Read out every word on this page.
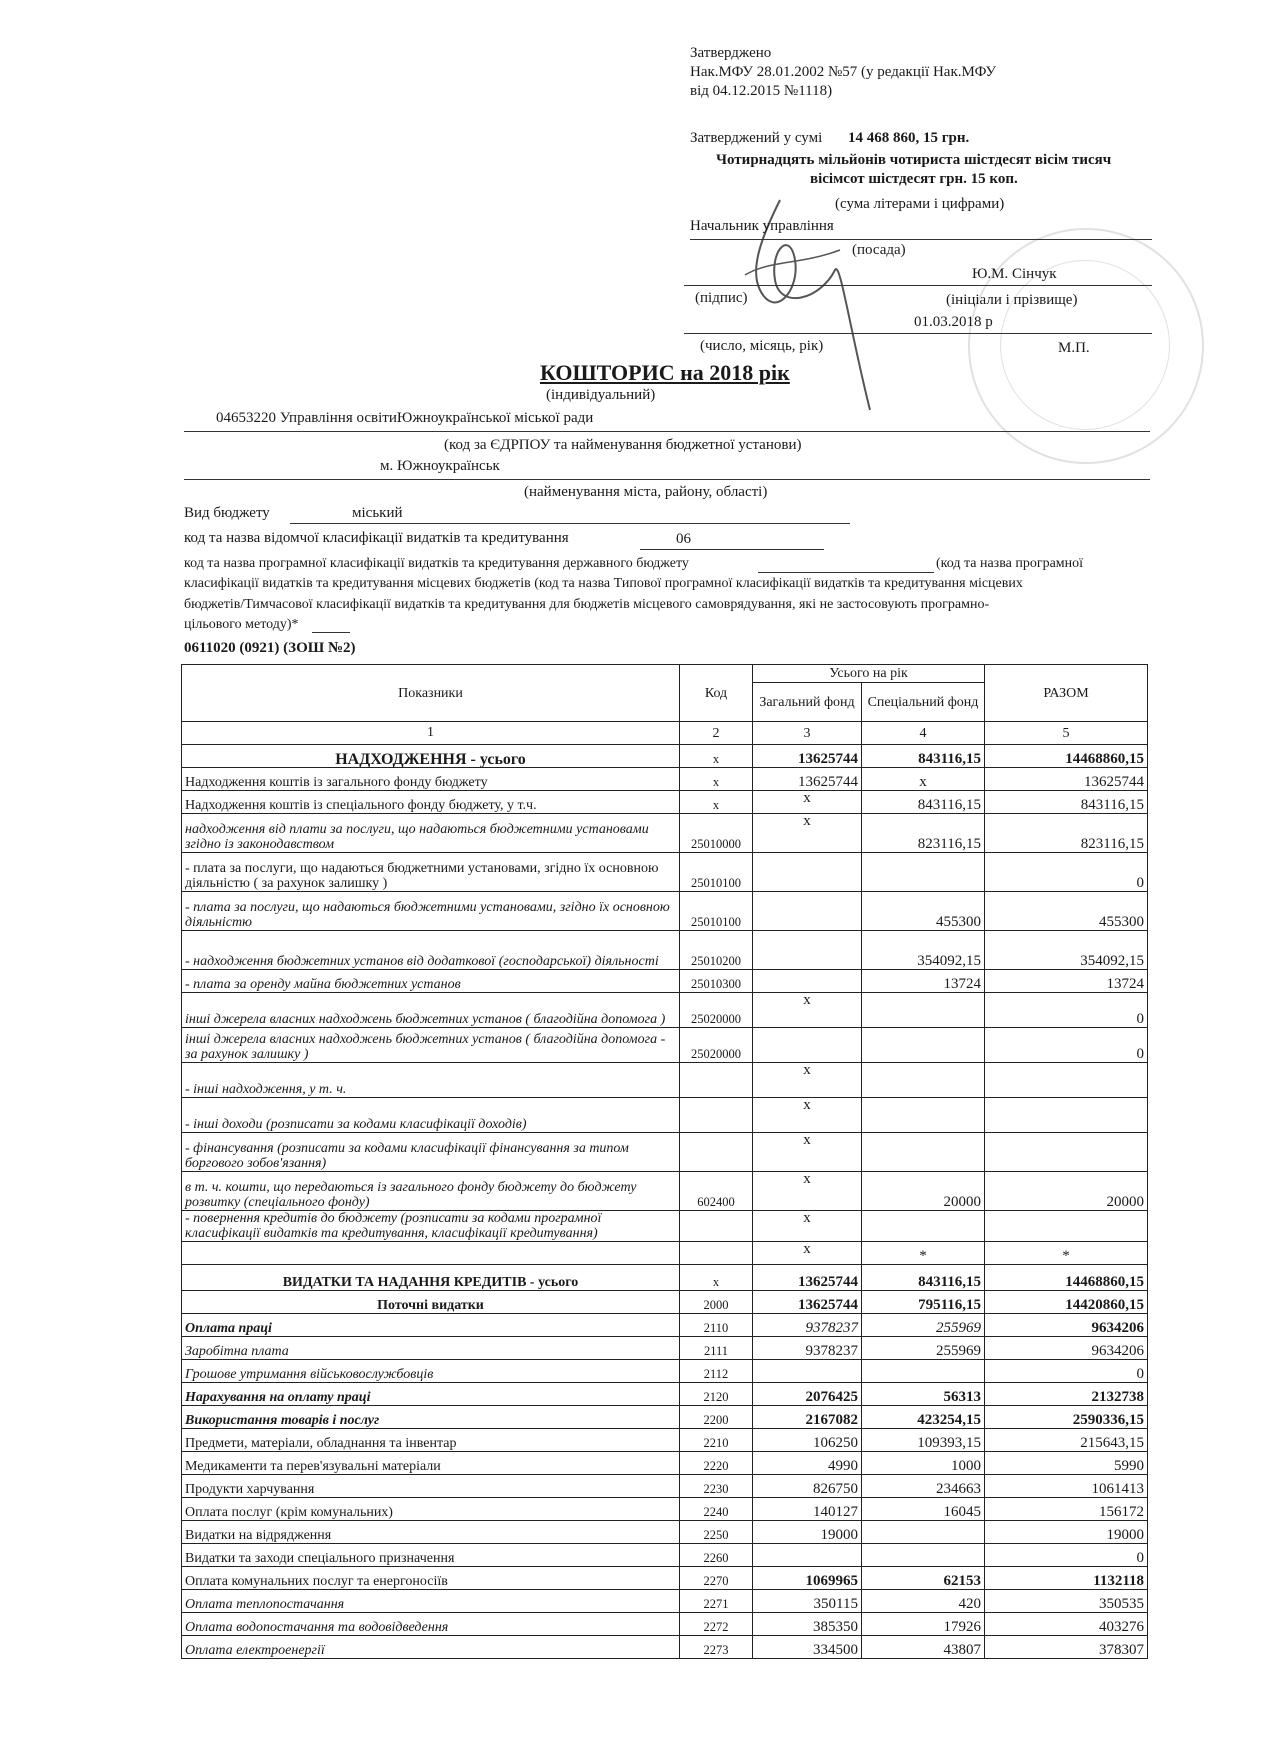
Затверджено
Нак.МФУ 28.01.2002 №57 (у редакції Нак.МФУ
від 04.12.2015 №1118)
Затверджений у сумі 14 468 860, 15 грн.
Чотирнадцять мільйонів чотириста шістдесят вісім тисяч
вісімсот шістдесят грн. 15 коп.
(сума літерами і цифрами)
Начальник управління
(посада)
Ю.М. Сінчук
(підпис)	(ініціали і прізвище)
01.03.2018 р
(число, місяць, рік)	М.П.
КОШТОРИС на 2018 рік
(індивідуальний)
04653220 Управління освітиЮжноукраїнської міської ради
(код за ЄДРПОУ та найменування бюджетної установи)
м. Южноукраїнськ
(найменування міста, району, області)
Вид бюджету	міський
код та назва відомчої класифікації видатків та кредитування	06
код та назва програмної класифікації видатків та кредитування державного бюджету	(код та назва програмної
класифікації видатків та кредитування місцевих бюджетів (код та назва Типової програмної класифікації видатків та кредитування місцевих
бюджетів/Тимчасової класифікації видатків та кредитування для бюджетів місцевого самоврядування, які не застосовують програмно-
цільового методу)*
0611020 (0921) (ЗОШ №2)
Показники	Код	Усього на рік		РАЗОМ
		Загальний фонд	Спеціальний фонд	
1	2	3	4	5
НАДХОДЖЕННЯ - усього	х	13625744	843116,15	14468860,15
Надходження коштів із загального фонду бюджету	х	13625744	х	13625744
Надходження коштів із спеціального фонду бюджету, у т.ч.	х	х	843116,15	843116,15
надходження від плати за послуги, що надаються бюджетними установами згідно із законодавством	25010000	х	823116,15	823116,15
- плата за послуги, що надаються бюджетними установами, згідно їх основною діяльністю ( за рахунок залишку )	25010100			0
- плата за послуги, що надаються бюджетними установами, згідно їх основною діяльністю	25010100		455300	455300
- надходження бюджетних установ від додаткової (господарської) діяльності	25010200		354092,15	354092,15
- плата за оренду майна бюджетних установ	25010300		13724	13724
інші джерела власних надходжень бюджетних установ ( благодійна допомога )	25020000	х		0
інші джерела власних надходжень бюджетних установ ( благодійна допомога - за рахунок залишку )	25020000			0
- інші надходження, у т. ч.		х		
- інші доходи (розписати за кодами класифікації доходів)		х		
- фінансування (розписати за кодами класифікації фінансування за типом боргового зобов'язання)		х		
в т. ч. кошти, що передаються із загального фонду бюджету до бюджету розвитку (спеціального фонду)	602400	х	20000	20000
- повернення кредитів до бюджету (розписати за кодами програмної класифікації видатків та кредитування, класифікації кредитування)		х		
		х	*	*
ВИДАТКИ ТА НАДАННЯ КРЕДИТІВ - усього	х	13625744	843116,15	14468860,15
Поточні видатки	2000	13625744	795116,15	14420860,15
Оплата праці	2110	9378237	255969	9634206
Заробітна плата	2111	9378237	255969	9634206
Грошове утримання військовослужбовців	2112			0
Нарахування на оплату праці	2120	2076425	56313	2132738
Використання товарів і послуг	2200	2167082	423254,15	2590336,15
Предмети, матеріали, обладнання та інвентар	2210	106250	109393,15	215643,15
Медикаменти та перев'язувальні матеріали	2220	4990	1000	5990
Продукти харчування	2230	826750	234663	1061413
Оплата послуг (крім комунальних)	2240	140127	16045	156172
Видатки на відрядження	2250	19000		19000
Видатки та заходи спеціального призначення	2260			0
Оплата комунальних послуг та енергоносіїв	2270	1069965	62153	1132118
Оплата теплопостачання	2271	350115	420	350535
Оплата водопостачання та водовідведення	2272	385350	17926	403276
Оплата електроенергії	2273	334500	43807	378307
